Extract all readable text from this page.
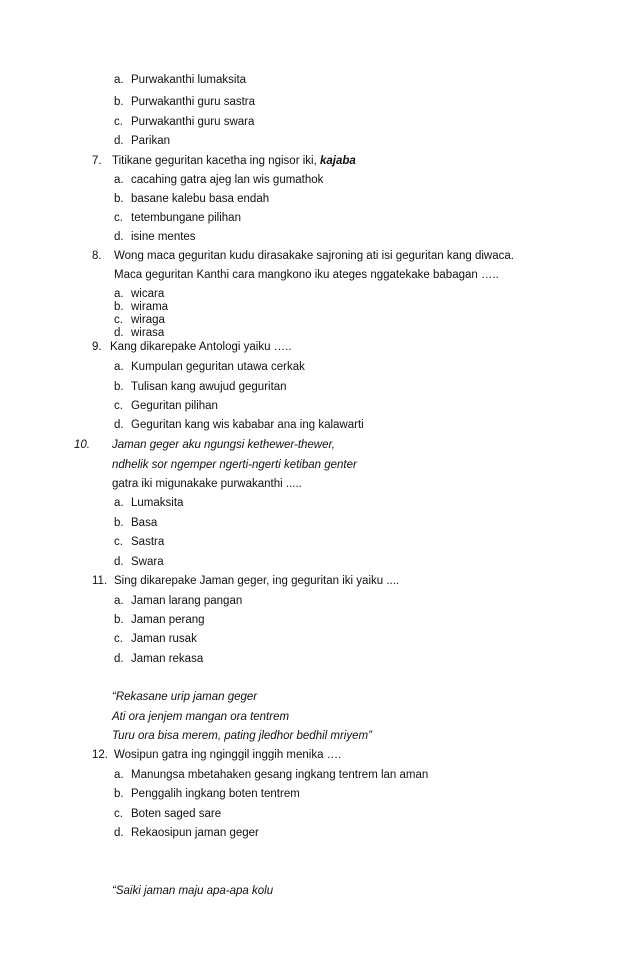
a. Purwakanthi lumaksita
b. Purwakanthi guru sastra
c. Purwakanthi guru swara
d. Parikan
7. Titikane geguritan kacetha ing ngisor iki, kajaba
a. cacahing gatra ajeg lan wis gumathok
b. basane kalebu basa endah
c. tetembungane pilihan
d. isine mentes
8. Wong maca geguritan kudu dirasakake sajroning ati isi geguritan kang diwaca.
Maca geguritan Kanthi cara mangkono iku ateges nggatekake babagan …..
a. wicara
b. wirama
c. wiraga
d. wirasa
9. Kang dikarepake Antologi yaiku …..
a. Kumpulan geguritan utawa cerkak
b. Tulisan kang awujud geguritan
c. Geguritan pilihan
d. Geguritan kang wis kababar ana ing kalawarti
10. Jaman geger aku ngungsi kethewer-thewer,
ndhelik sor ngemper ngerti-ngerti ketiban genter
gatra iki migunakake purwakanthi .....
a. Lumaksita
b. Basa
c. Sastra
d. Swara
11. Sing dikarepake Jaman geger, ing geguritan iki yaiku ....
a. Jaman larang pangan
b. Jaman perang
c. Jaman rusak
d. Jaman rekasa
“Rekasane urip jaman geger
Ati ora jenjem mangan ora tentrem
Turu ora bisa merem, pating jledhor bedhil mriyem”
12. Wosipun gatra ing nginggil inggih menika ….
a. Manungsa mbetahaken gesang ingkang tentrem lan aman
b. Penggalih ingkang boten tentrem
c. Boten saged sare
d. Rekaosipun jaman geger
“Saiki jaman maju apa-apa kolu
